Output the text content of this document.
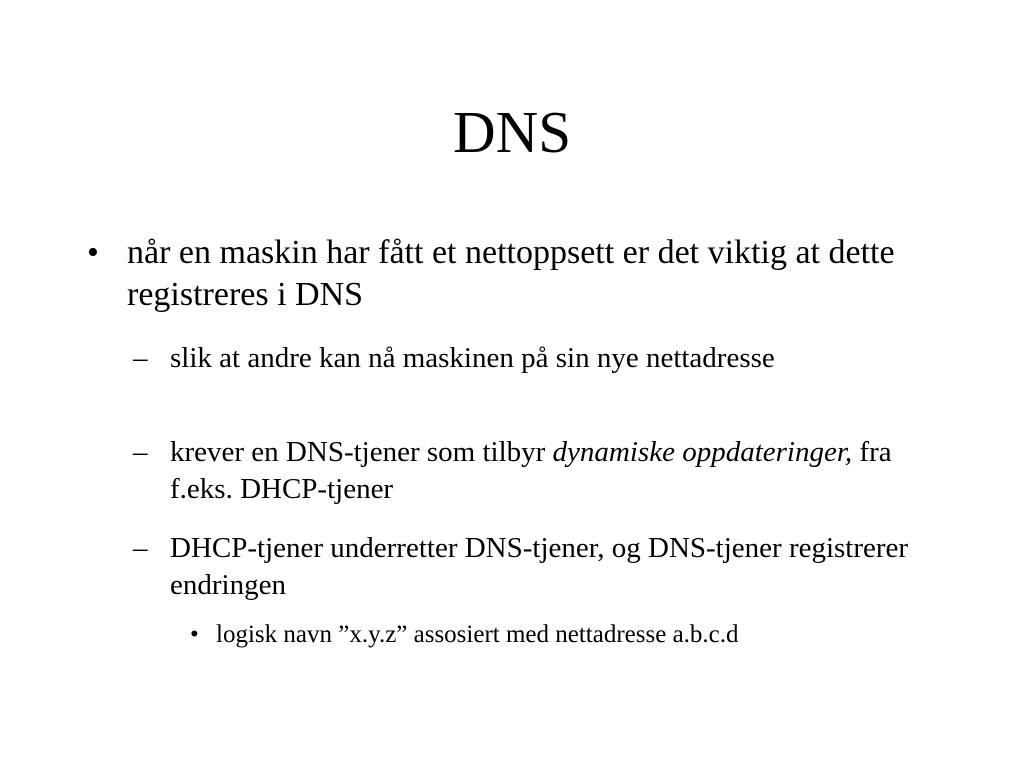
DNS
• når en maskin har fått et nettoppsett er det viktig at dette registreres i DNS
– slik at andre kan nå maskinen på sin nye nettadresse
– krever en DNS-tjener som tilbyr dynamiske oppdateringer, fra f.eks. DHCP-tjener
– DHCP-tjener underretter DNS-tjener, og DNS-tjener registrerer endringen
• logisk navn ”x.y.z” assosiert med nettadresse a.b.c.d
